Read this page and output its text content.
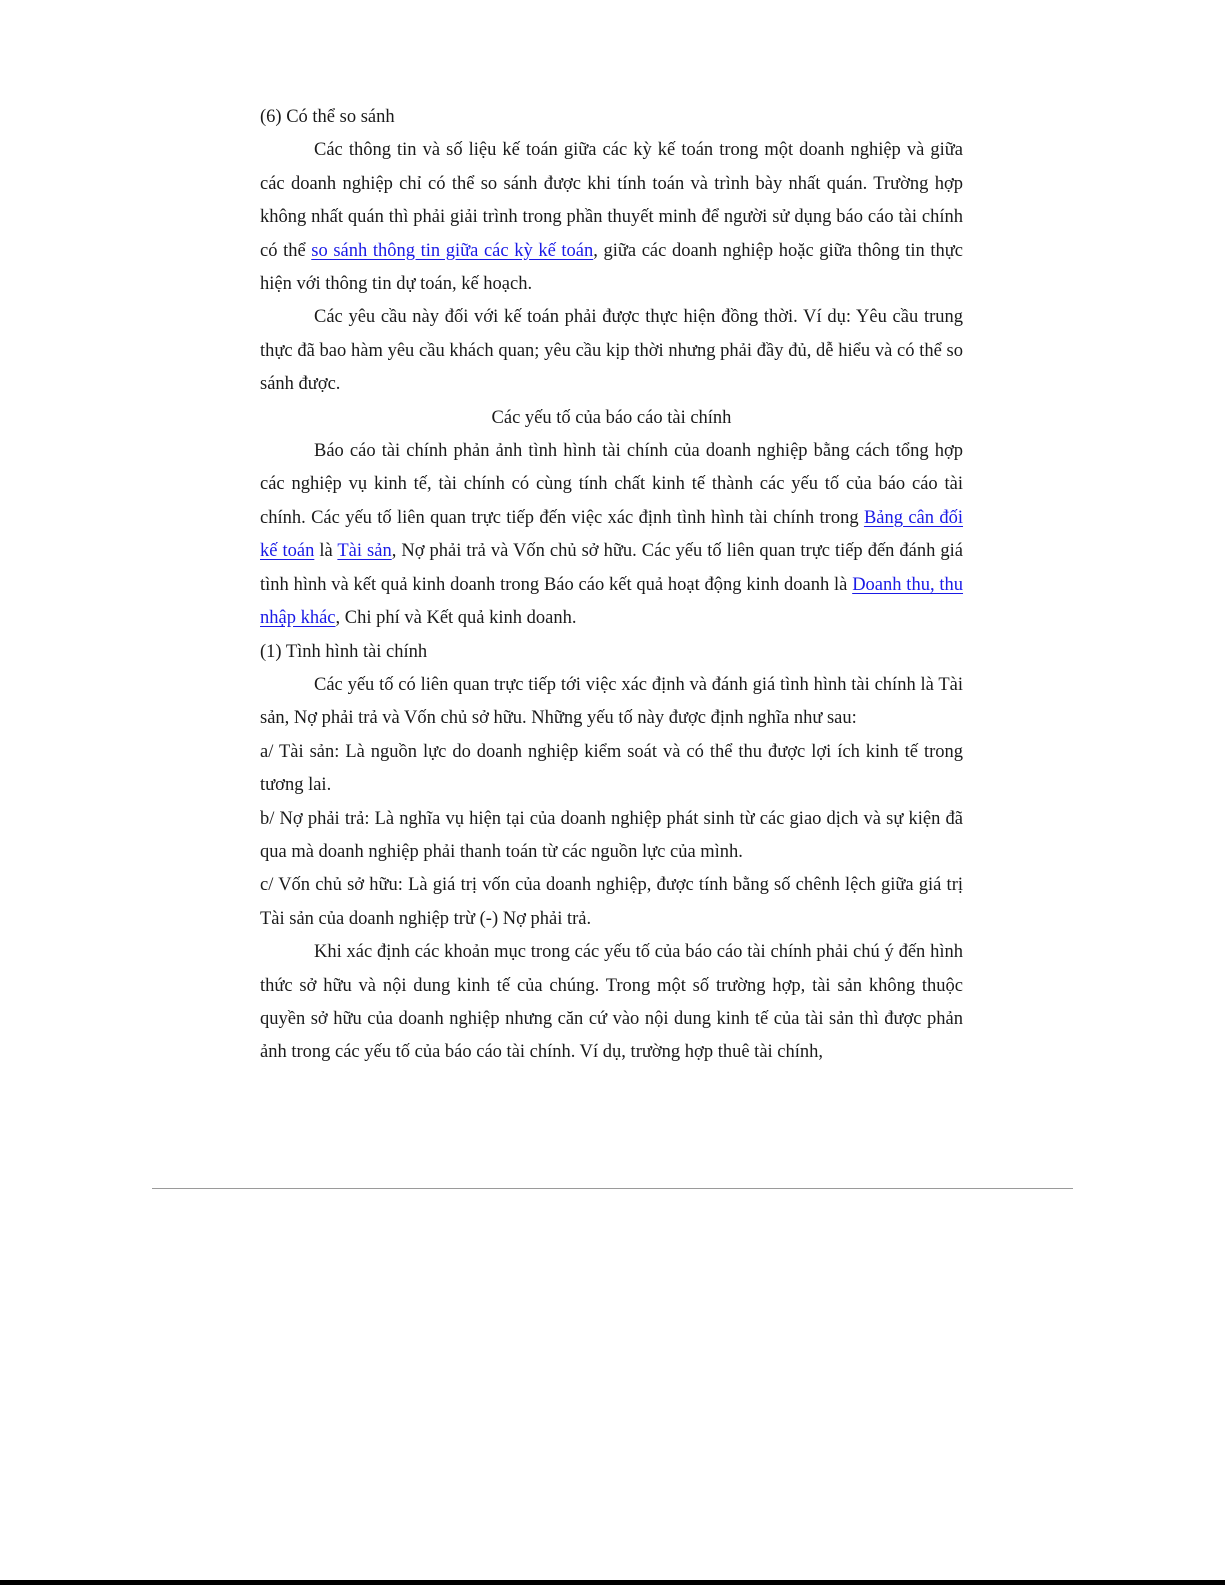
(6) Có thể so sánh

Các thông tin và số liệu kế toán giữa các kỳ kế toán trong một doanh nghiệp và giữa các doanh nghiệp chỉ có thể so sánh được khi tính toán và trình bày nhất quán. Trường hợp không nhất quán thì phải giải trình trong phần thuyết minh để người sử dụng báo cáo tài chính có thể so sánh thông tin giữa các kỳ kế toán, giữa các doanh nghiệp hoặc giữa thông tin thực hiện với thông tin dự toán, kế hoạch.

Các yêu cầu này đối với kế toán phải được thực hiện đồng thời. Ví dụ: Yêu cầu trung thực đã bao hàm yêu cầu khách quan; yêu cầu kịp thời nhưng phải đầy đủ, dễ hiểu và có thể so sánh được.

Các yếu tố của báo cáo tài chính

Báo cáo tài chính phản ảnh tình hình tài chính của doanh nghiệp bằng cách tổng hợp các nghiệp vụ kinh tế, tài chính có cùng tính chất kinh tế thành các yếu tố của báo cáo tài chính. Các yếu tố liên quan trực tiếp đến việc xác định tình hình tài chính trong Bảng cân đối kế toán là Tài sản, Nợ phải trả và Vốn chủ sở hữu. Các yếu tố liên quan trực tiếp đến đánh giá tình hình và kết quả kinh doanh trong Báo cáo kết quả hoạt động kinh doanh là Doanh thu, thu nhập khác, Chi phí và Kết quả kinh doanh.

(1) Tình hình tài chính

Các yếu tố có liên quan trực tiếp tới việc xác định và đánh giá tình hình tài chính là Tài sản, Nợ phải trả và Vốn chủ sở hữu. Những yếu tố này được định nghĩa như sau:

a/ Tài sản: Là nguồn lực do doanh nghiệp kiểm soát và có thể thu được lợi ích kinh tế trong tương lai.

b/ Nợ phải trả: Là nghĩa vụ hiện tại của doanh nghiệp phát sinh từ các giao dịch và sự kiện đã qua mà doanh nghiệp phải thanh toán từ các nguồn lực của mình.

c/ Vốn chủ sở hữu: Là giá trị vốn của doanh nghiệp, được tính bằng số chênh lệch giữa giá trị Tài sản của doanh nghiệp trừ (-) Nợ phải trả.

Khi xác định các khoản mục trong các yếu tố của báo cáo tài chính phải chú ý đến hình thức sở hữu và nội dung kinh tế của chúng. Trong một số trường hợp, tài sản không thuộc quyền sở hữu của doanh nghiệp nhưng căn cứ vào nội dung kinh tế của tài sản thì được phản ảnh trong các yếu tố của báo cáo tài chính. Ví dụ, trường hợp thuê tài chính,
